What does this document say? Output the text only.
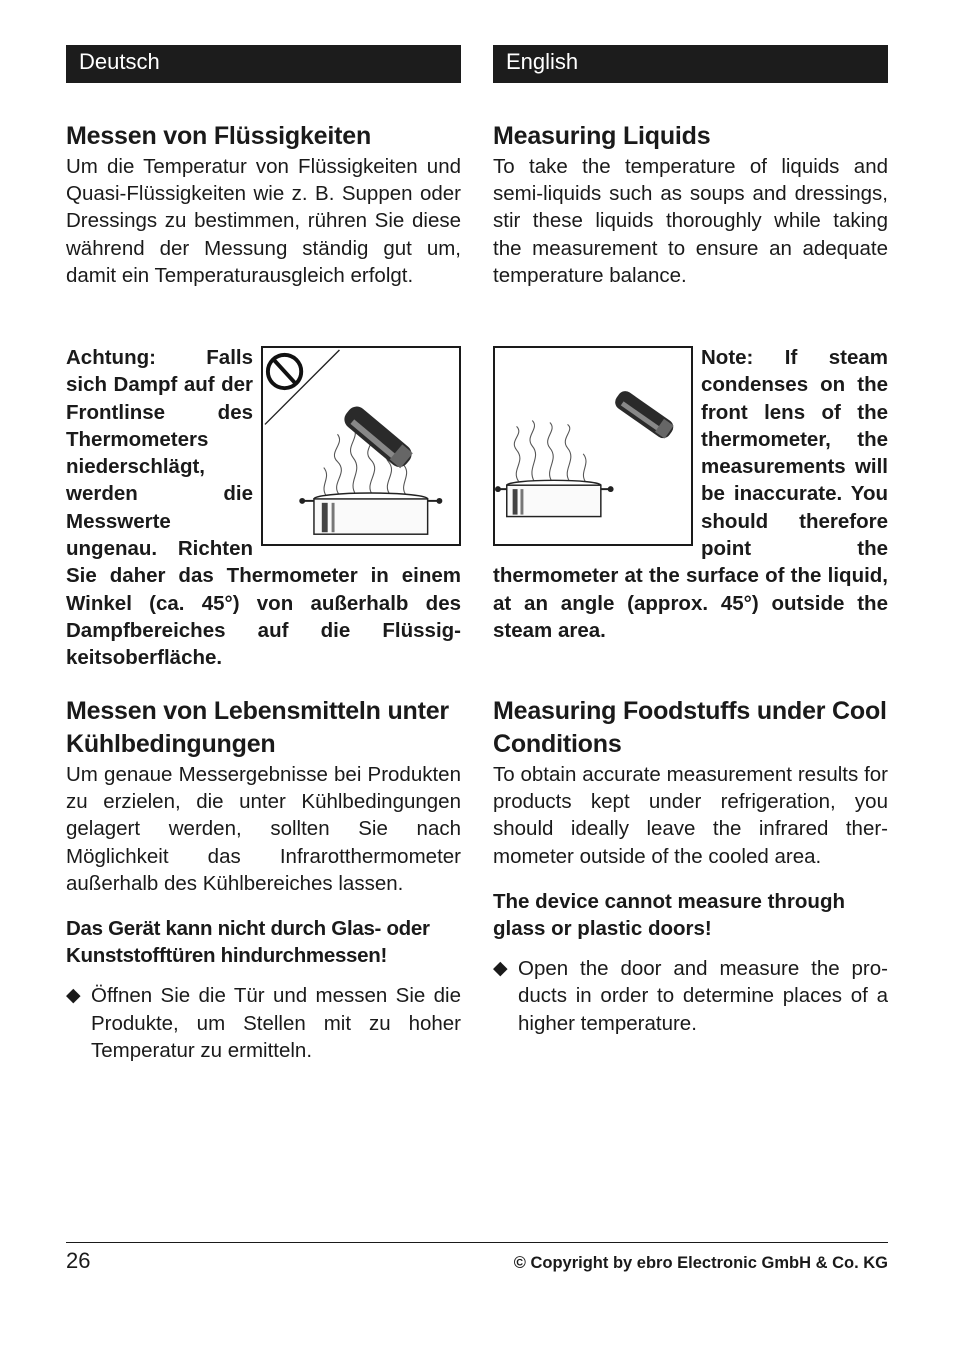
Deutsch
Messen von Flüssigkeiten

Um die Temperatur von Flüssigkeiten und Quasi-Flüssigkeiten wie z. B. Suppen oder Dressings zu bestimmen, rühren Sie diese während der Messung ständig gut um, damit ein Temperaturausgleich erfolgt.

Achtung: Falls sich Dampf auf der Frontlinse des Thermometers niederschlägt, werden die Messwerte ungenau. Richten Sie daher das Thermometer in einem Winkel (ca. 45°) von außerhalb des Dampfbereiches auf die Flüssigkeitsoberfläche.

Messen von Lebensmitteln unter Kühlbedingungen

Um genaue Messergebnisse bei Produkten zu erzielen, die unter Kühlbedingungen gelagert werden, sollten Sie nach Möglichkeit das Infrarotthermometer außerhalb des Kühlbereiches lassen.

Das Gerät kann nicht durch Glas- oder Kunststofftüren hindurchmessen!

◆ Öffnen Sie die Tür und messen Sie die Produkte, um Stellen mit zu hoher Temperatur zu ermitteln.

English
Measuring Liquids

To take the temperature of liquids and semi-liquids such as soups and dressings, stir these liquids thoroughly while taking the measurement to ensure an adequate temperature balance.

Note: If steam condenses on the front lens of the thermometer, the measurements will be inaccurate. You should therefore point the thermometer at the surface of the liquid, at an angle (approx. 45°) outside the steam area.

Measuring Foodstuffs under Cool Conditions

To obtain accurate measurement results for products kept under refrigeration, you should ideally leave the infrared thermometer outside of the cooled area.

The device cannot measure through glass or plastic doors!

◆ Open the door and measure the products in order to determine places of a higher temperature.

26	© Copyright by ebro Electronic GmbH & Co. KG
